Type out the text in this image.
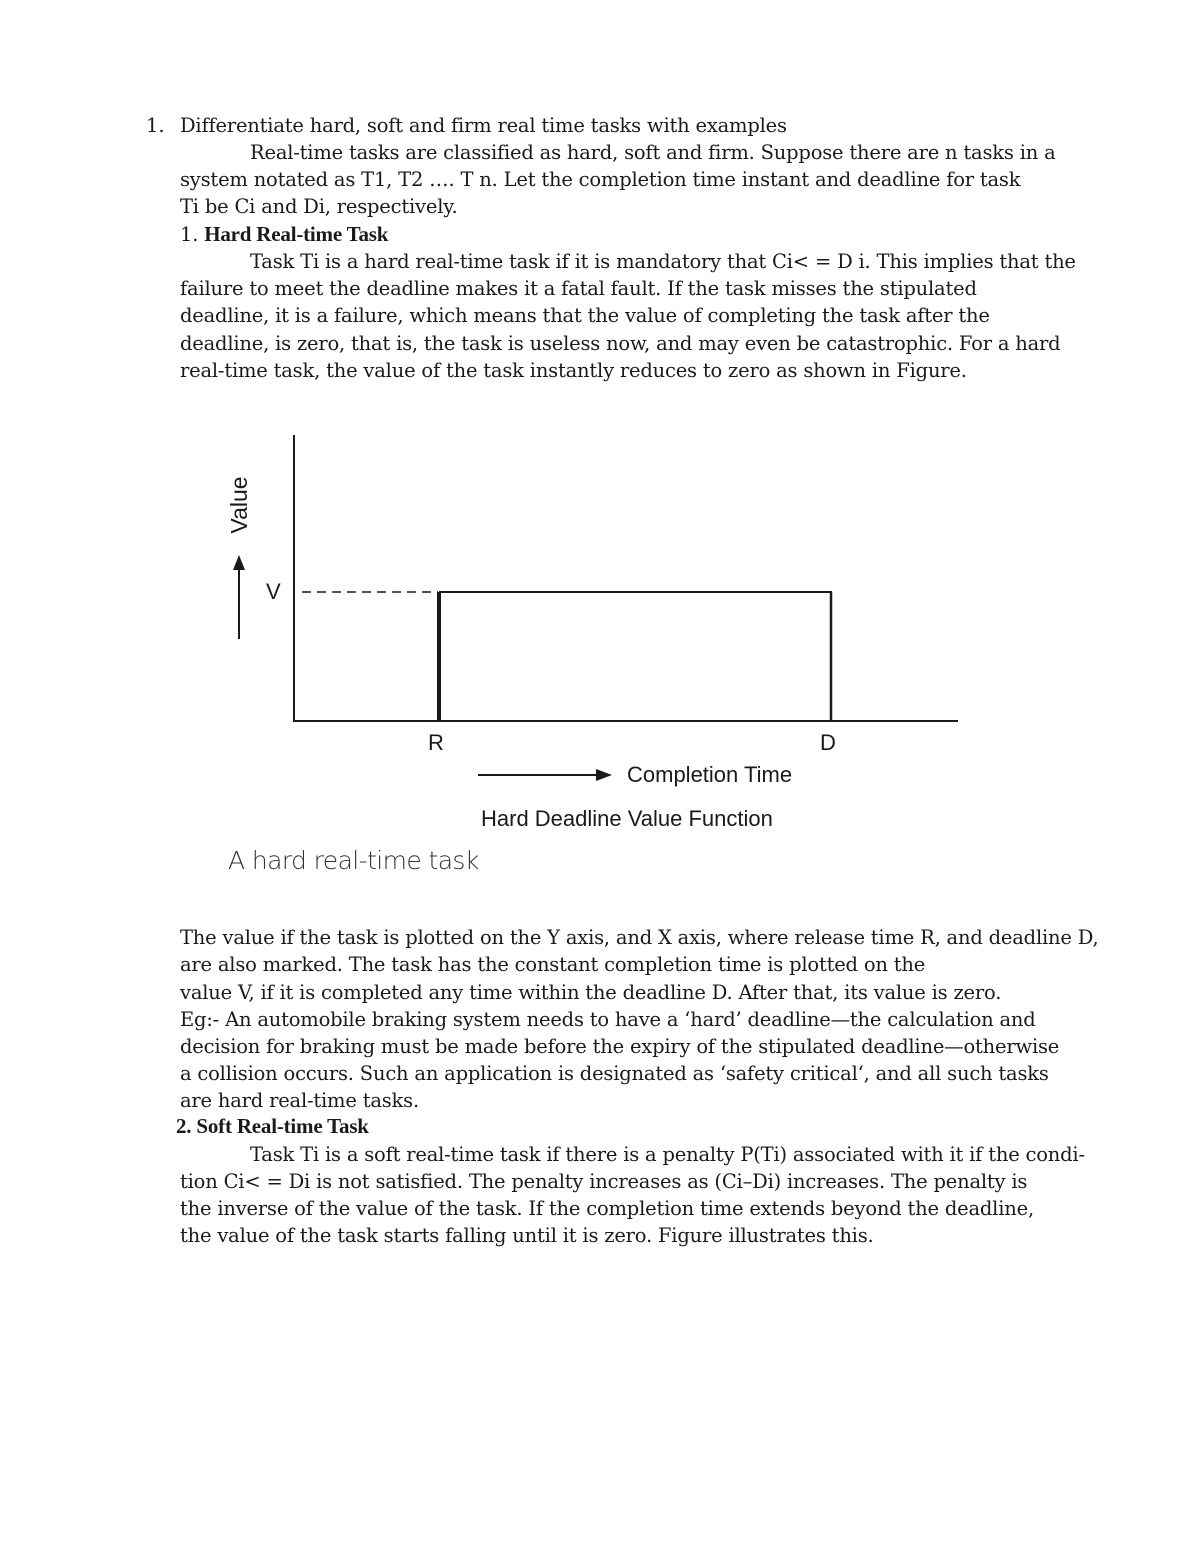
1. Differentiate hard, soft and firm real time tasks with examples

Real-time tasks are classified as hard, soft and firm. Suppose there are n tasks in a

system notated as T1, T2 …. T n. Let the completion time instant and deadline for task

Ti be Ci and Di, respectively.

1. Hard Real-time Task

Task Ti is a hard real-time task if it is mandatory that Ci< = D i. This implies that the

failure to meet the deadline makes it a fatal fault. If the task misses the stipulated

deadline, it is a failure, which means that the value of completing the task after the

deadline, is zero, that is, the task is useless now, and may even be catastrophic. For a hard

real-time task, the value of the task instantly reduces to zero as shown in Figure.

Value
V
R	D
Completion Time
Hard Deadline Value Function
A hard real-time task

The value if the task is plotted on the Y axis, and X axis, where release time R, and deadline D,

are also marked. The task has the constant completion time is plotted on the

value V, if it is completed any time within the deadline D. After that, its value is zero.

Eg:- An automobile braking system needs to have a ‘hard’ deadline—the calculation and

decision for braking must be made before the expiry of the stipulated deadline—otherwise

a collision occurs. Such an application is designated as ‘safety critical‘, and all such tasks

are hard real-time tasks.

2. Soft Real-time Task

Task Ti is a soft real-time task if there is a penalty P(Ti) associated with it if the condi-

tion Ci< = Di is not satisfied. The penalty increases as (Ci–Di) increases. The penalty is

the inverse of the value of the task. If the completion time extends beyond the deadline,

the value of the task starts falling until it is zero. Figure illustrates this.
